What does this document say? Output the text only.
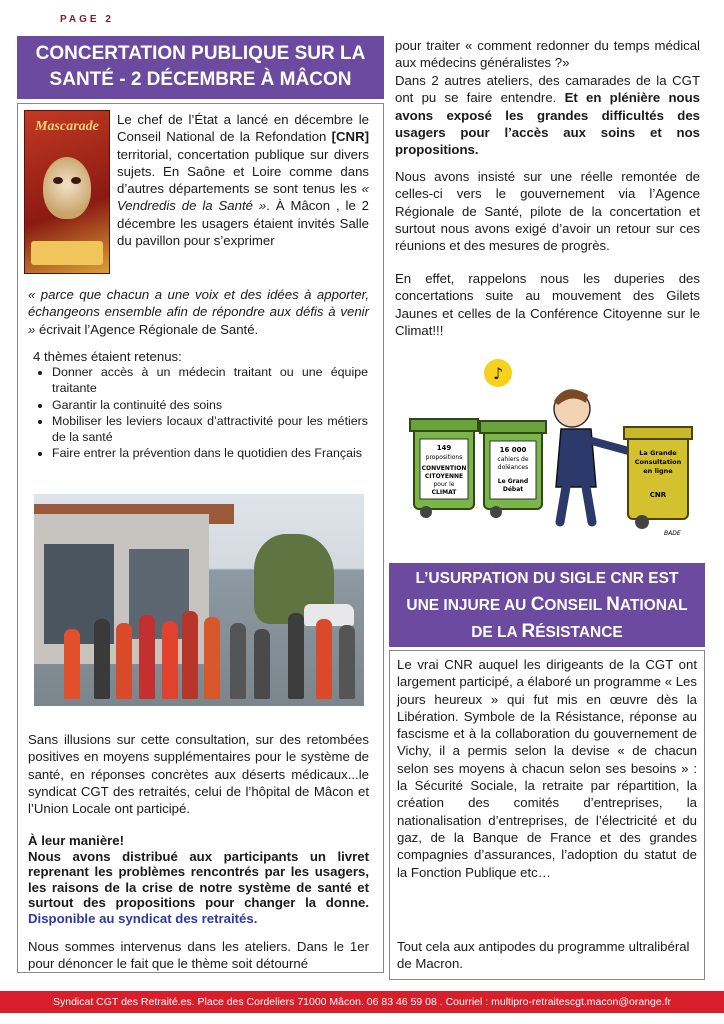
PAGE 2
CONCERTATION PUBLIQUE SUR LA
SANTÉ - 2 DÉCEMBRE À MÂCON
Mascarade	Le chef de l’État a lancé en décembre le Conseil National de la Refondation [CNR] territorial, concertation publique sur divers sujets. En Saône et Loire comme dans d’autres départements se sont tenus les « Vendredis de la Santé ». À Mâcon , le 2 décembre les usagers étaient invités Salle du pavillon pour s’exprimer
« parce que chacun a une voix et des idées à apporter, échangeons ensemble afin de répondre aux défis à venir » écrivait l’Agence Régionale de Santé.
4 thèmes étaient retenus:
• Donner accès à un médecin traitant ou une équipe traitante
• Garantir la continuité des soins
• Mobiliser les leviers locaux d’attractivité pour les métiers de la santé
• Faire entrer la prévention dans le quotidien des Français
Sans illusions sur cette consultation, sur des retombées positives en moyens supplémentaires pour le système de santé, en réponses concrètes aux déserts médicaux...le syndicat CGT des retraités, celui de l’hôpital de Mâcon et l’Union Locale ont participé.
À leur manière!
Nous avons distribué aux participants un livret reprenant les problèmes rencontrés par les usagers, les raisons de la crise de notre système de santé et surtout des propositions pour changer la donne. Disponible au syndicat des retraités.
Nous sommes intervenus dans les ateliers. Dans le 1er pour dénoncer le fait que le thème soit détourné
pour traiter « comment redonner du temps médical aux médecins généralistes ?»
Dans 2 autres ateliers, des camarades de la CGT ont pu se faire entendre. Et en plénière nous avons exposé les grandes difficultés des usagers pour l’accès aux soins et nos propositions.
Nous avons insisté sur une réelle remontée de celles-ci vers le gouvernement via l’Agence Régionale de Santé, pilote de la concertation et surtout nous avons exigé d’avoir un retour sur ces réunions et des mesures de progrès.
En effet, rappelons nous les duperies des concertations suite au mouvement des Gilets Jaunes et celles de la Conférence Citoyenne sur le Climat!!!
♪
149
propositions
CONVENTION
CITOYENNE
pour le
CLIMAT
16 000
cahiers de
doléances
Le Grand
Débat
La Grande
Consultation
en ligne
CNR
BADE
L’USURPATION DU SIGLE CNR EST
UNE INJURE AU CONSEIL NATIONAL
DE LA RÉSISTANCE
Le vrai CNR auquel les dirigeants de la CGT ont largement participé, a élaboré un programme « Les jours heureux » qui fut mis en œuvre dès la Libération. Symbole de la Résistance, réponse au fascisme et à la collaboration du gouvernement de Vichy, il a permis selon la devise « de chacun selon ses moyens à chacun selon ses besoins » : la Sécurité Sociale, la retraite par répartition, la création des comités d’entreprises, la nationalisation d’entreprises, de l’électricité et du gaz, de la Banque de France et des grandes compagnies d’assurances, l’adoption du statut de la Fonction Publique etc…
Tout cela aux antipodes du programme ultralibéral de Macron.
Syndicat CGT des Retraité.es. Place des Cordeliers 71000 Mâcon. 06 83 46 59 08 . Courriel : multipro-retraitescgt.macon@orange.fr
